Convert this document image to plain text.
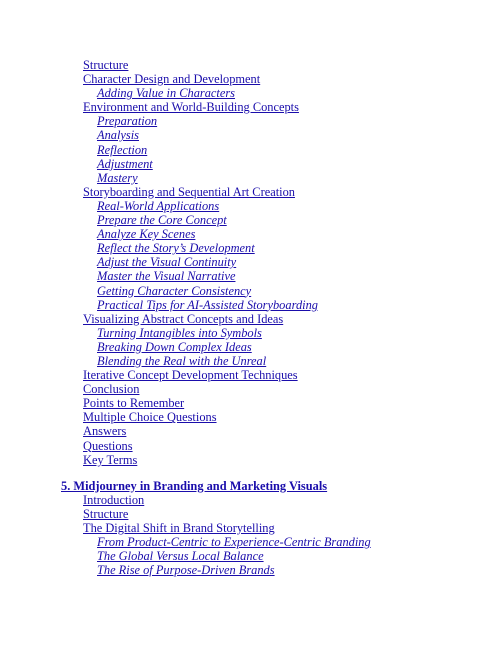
Structure
Character Design and Development
Adding Value in Characters
Environment and World-Building Concepts
Preparation
Analysis
Reflection
Adjustment
Mastery
Storyboarding and Sequential Art Creation
Real-World Applications
Prepare the Core Concept
Analyze Key Scenes
Reflect the Story’s Development
Adjust the Visual Continuity
Master the Visual Narrative
Getting Character Consistency
Practical Tips for AI-Assisted Storyboarding
Visualizing Abstract Concepts and Ideas
Turning Intangibles into Symbols
Breaking Down Complex Ideas
Blending the Real with the Unreal
Iterative Concept Development Techniques
Conclusion
Points to Remember
Multiple Choice Questions
Answers
Questions
Key Terms
5. Midjourney in Branding and Marketing Visuals
Introduction
Structure
The Digital Shift in Brand Storytelling
From Product-Centric to Experience-Centric Branding
The Global Versus Local Balance
The Rise of Purpose-Driven Brands
